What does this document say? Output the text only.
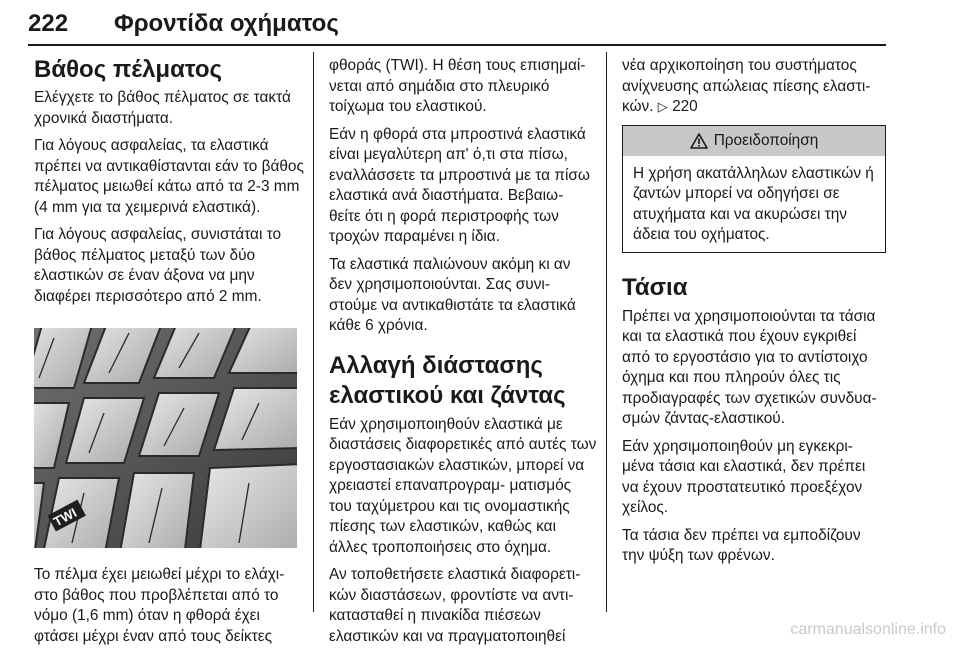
222 Φροντίδα οχήματος
Βάθος πέλματος

Ελέγχετε το βάθος πέλματος σε τακτά χρονικά διαστήματα.

Για λόγους ασφαλείας, τα ελαστικά πρέπει να αντικαθίστανται εάν το βάθος πέλματος μειωθεί κάτω από τα 2-3 mm (4 mm για τα χειμερινά ελαστικά).

Για λόγους ασφαλείας, συνιστάται το βάθος πέλματος μεταξύ των δύο ελαστικών σε έναν άξονα να μην διαφέρει περισσότερο από 2 mm.

TWI

Το πέλμα έχει μειωθεί μέχρι το ελάχι- στο βάθος που προβλέπεται από το νόμο (1,6 mm) όταν η φθορά έχει φτάσει μέχρι έναν από τους δείκτες

φθοράς (TWI). Η θέση τους επισημαί- νεται από σημάδια στο πλευρικό τοίχωμα του ελαστικού.

Εάν η φθορά στα μπροστινά ελαστικά είναι μεγαλύτερη απ' ό,τι στα πίσω, εναλλάσσετε τα μπροστινά με τα πίσω ελαστικά ανά διαστήματα. Βεβαιω- θείτε ότι η φορά περιστροφής των τροχών παραμένει η ίδια.

Τα ελαστικά παλιώνουν ακόμη κι αν δεν χρησιμοποιούνται. Σας συνι- στούμε να αντικαθιστάτε τα ελαστικά κάθε 6 χρόνια.

Αλλαγή διάστασης ελαστικού και ζάντας

Εάν χρησιμοποιηθούν ελαστικά με διαστάσεις διαφορετικές από αυτές των εργοστασιακών ελαστικών, μπορεί να χρειαστεί επαναπρογραμ- ματισμός του ταχύμετρου και τις ονομαστικής πίεσης των ελαστικών, καθώς και άλλες τροποποιήσεις στο όχημα.

Αν τοποθετήσετε ελαστικά διαφορετι- κών διαστάσεων, φροντίστε να αντι- κατασταθεί η πινακίδα πιέσεων ελαστικών και να πραγματοποιηθεί

νέα αρχικοποίηση του συστήματος ανίχνευσης απώλειας πίεσης ελαστι- κών. ▷ 220

Προειδοποίηση

Η χρήση ακατάλληλων ελαστικών ή ζαντών μπορεί να οδηγήσει σε ατυχήματα και να ακυρώσει την άδεια του οχήματος.

Τάσια

Πρέπει να χρησιμοποιούνται τα τάσια και τα ελαστικά που έχουν εγκριθεί από το εργοστάσιο για το αντίστοιχο όχημα και που πληρούν όλες τις προδιαγραφές των σχετικών συνδυα- σμών ζάντας-ελαστικού.

Εάν χρησιμοποιηθούν μη εγκεκρι- μένα τάσια και ελαστικά, δεν πρέπει να έχουν προστατευτικό προεξέχον χείλος.

Τα τάσια δεν πρέπει να εμποδίζουν την ψύξη των φρένων.

carmanualsonline.info
